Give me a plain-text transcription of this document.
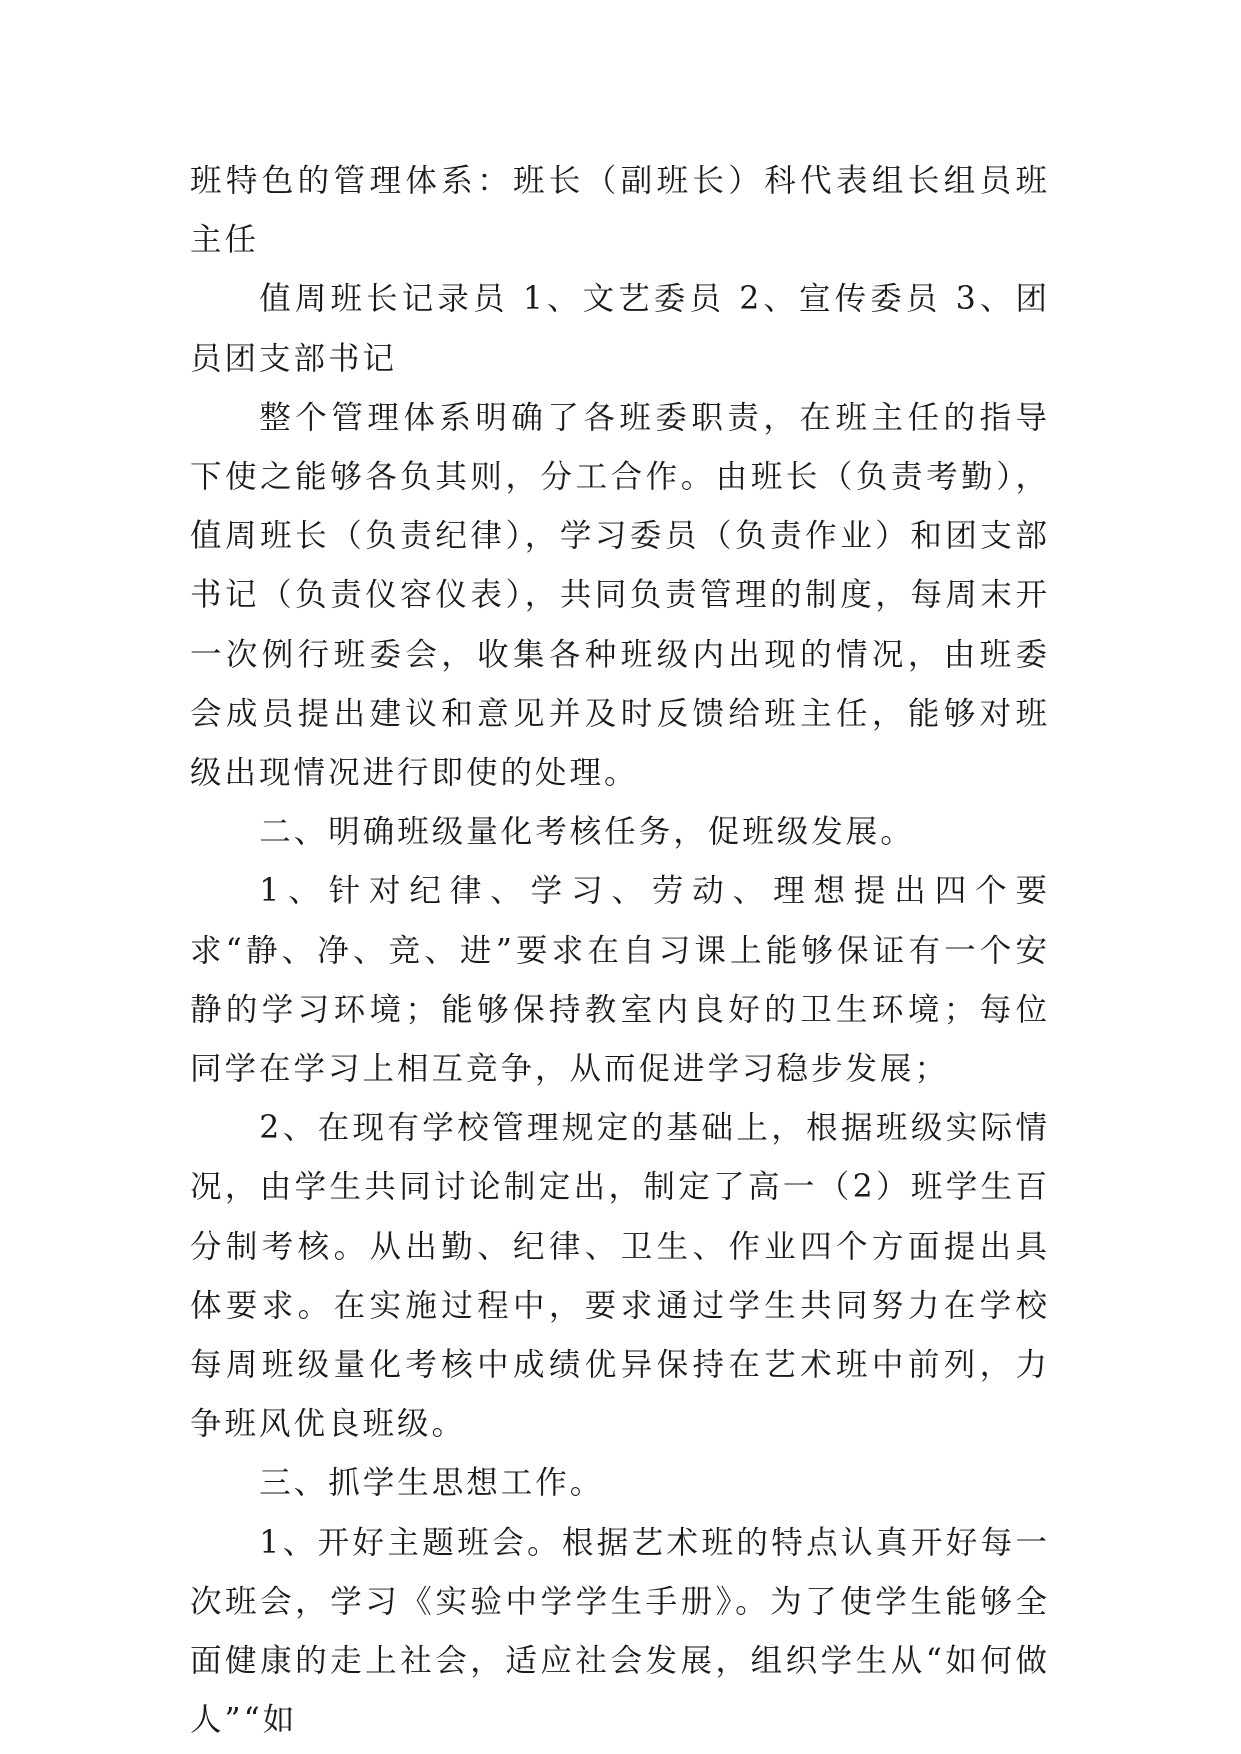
班特色的管理体系：班长（副班长）科代表组长组员班主任

值周班长记录员 1、文艺委员 2、宣传委员 3、团员团支部书记

整个管理体系明确了各班委职责，在班主任的指导下使之能够各负其则，分工合作。由班长（负责考勤），值周班长（负责纪律），学习委员（负责作业）和团支部书记（负责仪容仪表），共同负责管理的制度，每周末开一次例行班委会，收集各种班级内出现的情况，由班委会成员提出建议和意见并及时反馈给班主任，能够对班级出现情况进行即使的处理。

二、明确班级量化考核任务，促班级发展。

1、针对纪律、学习、劳动、理想提出四个要求“静、净、竞、进”要求在自习课上能够保证有一个安静的学习环境；能够保持教室内良好的卫生环境；每位同学在学习上相互竞争，从而促进学习稳步发展；

2、在现有学校管理规定的基础上，根据班级实际情况，由学生共同讨论制定出，制定了高一（2）班学生百分制考核。从出勤、纪律、卫生、作业四个方面提出具体要求。在实施过程中，要求通过学生共同努力在学校每周班级量化考核中成绩优异保持在艺术班中前列，力争班风优良班级。

三、抓学生思想工作。

1、开好主题班会。根据艺术班的特点认真开好每一次班会，学习《实验中学学生手册》。为了使学生能够全面健康的走上社会，适应社会发展，组织学生从“如何做人”“如
